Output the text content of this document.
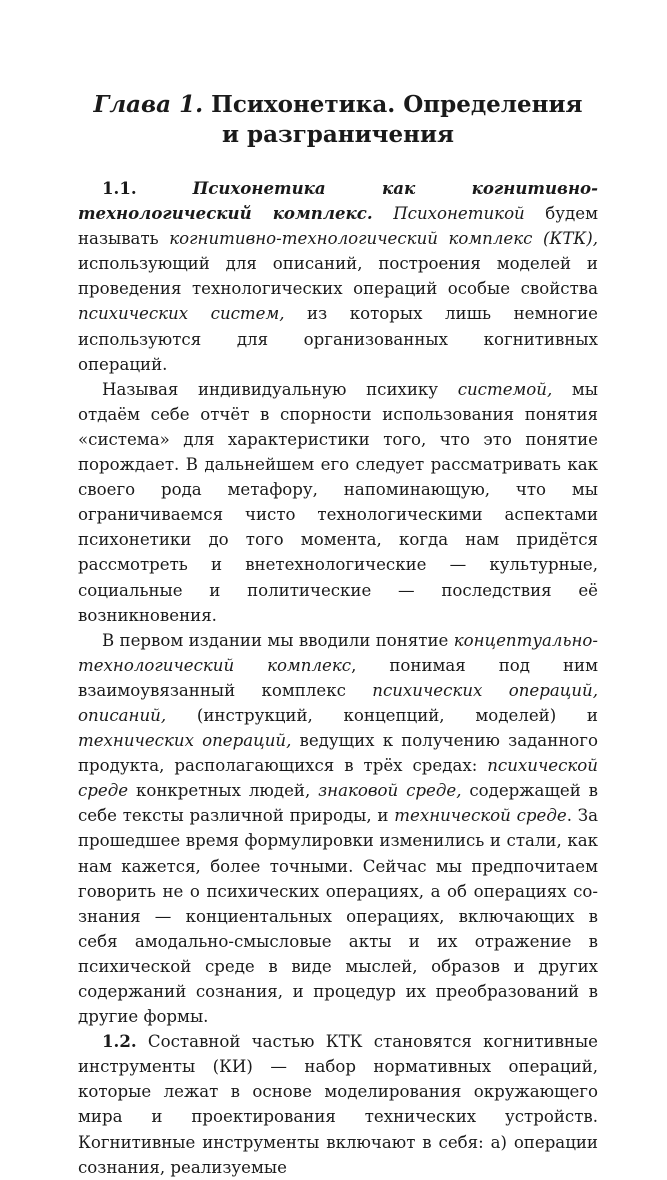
Глава 1. Психонетика. Определения
и разграничения

1.1.	Психонетика как когнитивно-технологический комплекс. Психонетикой будем называть когнитивно-технологический комплекс (КТК), использующий для описаний, построения моделей и проведения технологических операций особые свойства психических систем, из которых лишь немногие используются для организованных когнитивных операций.

Называя индивидуальную психику системой, мы отдаём себе отчёт в спорности использования понятия «система» для характеристики того, что это понятие порождает. В дальнейшем его следует рассматривать как своего рода метафору, напоминающую, что мы ограничиваемся чисто технологическими аспектами психонетики до того момента, когда нам придётся рассмотреть и внетехнологические — культурные, социальные и политические — последствия её возникновения.

В первом издании мы вводили понятие концептуально-технологический комплекс, понимая под ним взаимоувязанный комплекс психических операций, описаний, (инструкций, концепций, моделей) и технических операций, ведущих к получению заданного продукта, располагающихся в трёх средах: психической среде конкретных людей, знаковой среде, содержащей в себе тексты различной природы, и технической среде. За прошедшее время формулировки изменились и стали, как нам кажется, более точными. Сейчас мы предпочитаем говорить не о психических операциях, а об операциях сознания — конциентальных операциях, включающих в себя амодально-смысловые акты и их отражение в психической среде в виде мыслей, образов и других содержаний сознания, и процедур их преобразований в другие формы.

1.2. Составной частью КТК становятся когнитивные инструменты (КИ) — набор нормативных операций, которые лежат в основе моделирования окружающего мира и проектирования технических устройств. Когнитивные инструменты включают в себя: а) операции сознания, реализуемые
